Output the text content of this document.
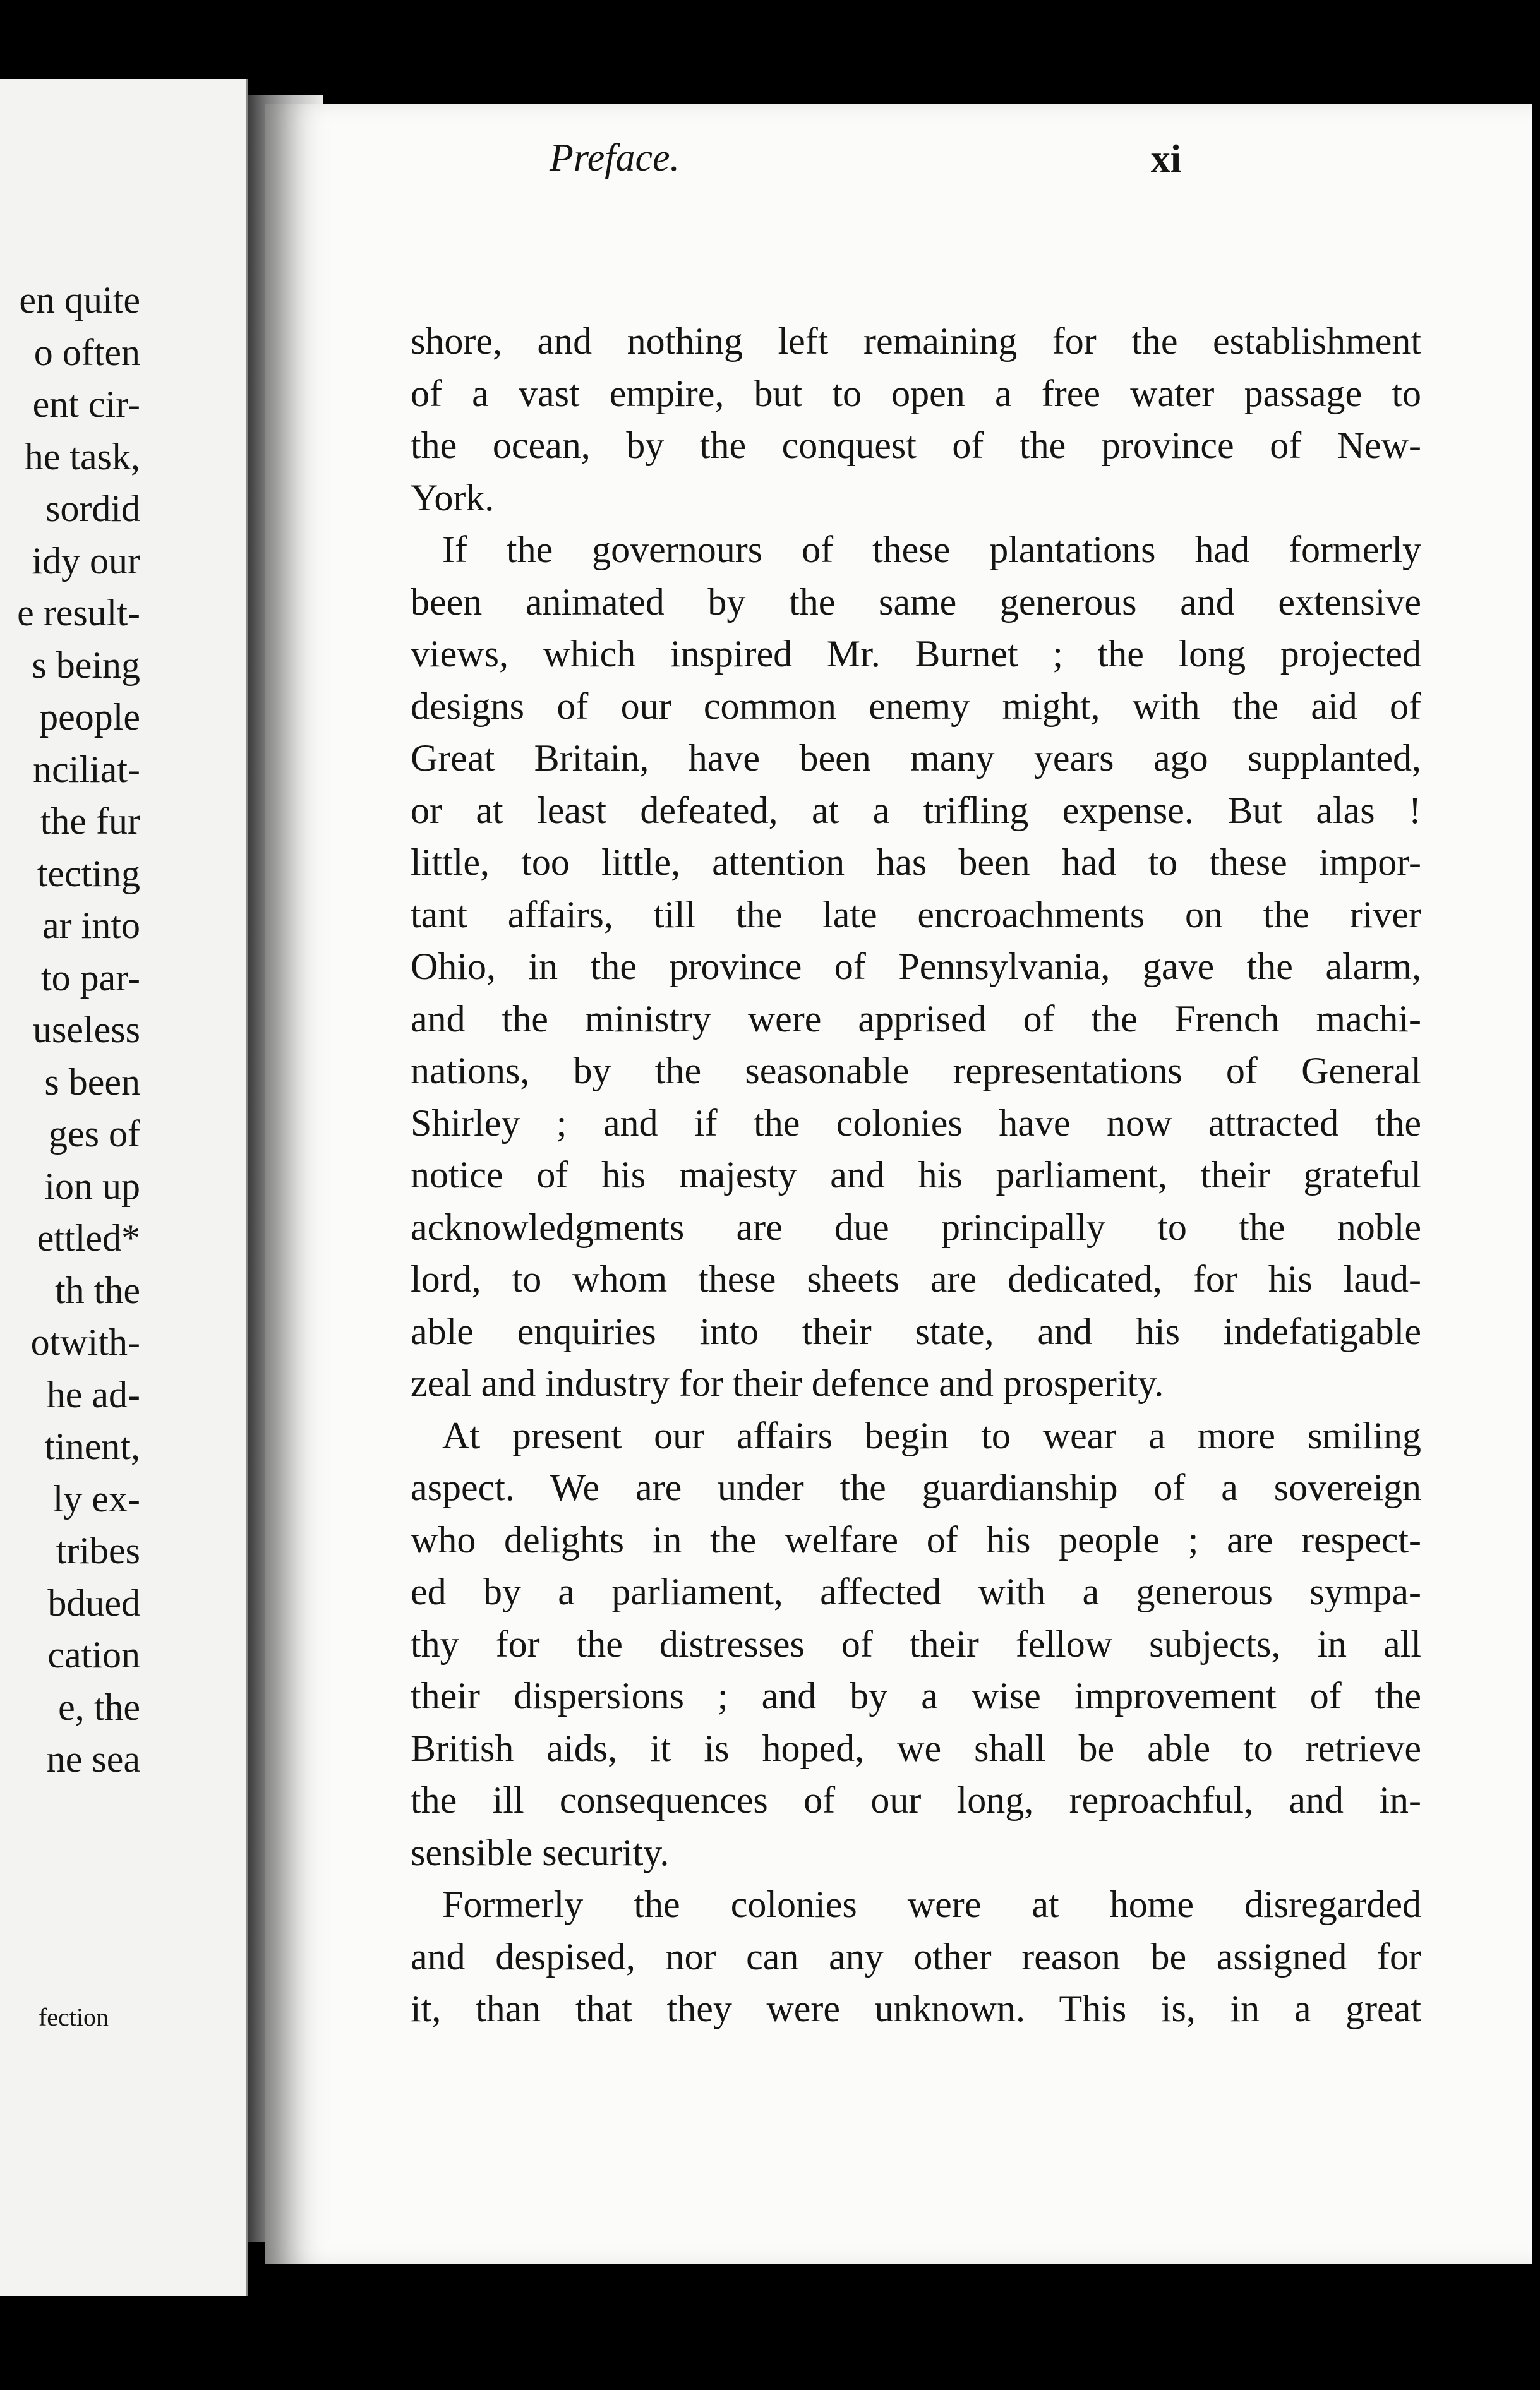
en quite
o often
ent cir-
he task,
sordid
idy our
e result-
s being
people
nciliat-
the fur
tecting
ar into
to par-
useless
s been
ges of
ion up
ettled*
th the
otwith-
he ad-
tinent,
ly ex-
tribes
bdued
cation
e, the
ne sea
fection
Preface.	xi
shore, and nothing left remaining for the establishment
of a vast empire, but to open a free water passage to
the ocean, by the conquest of the province of New-
York.
If the governours of these plantations had formerly
been animated by the same generous and extensive
views, which inspired Mr. Burnet ; the long projected
designs of our common enemy might, with the aid of
Great Britain, have been many years ago supplanted,
or at least defeated, at a trifling expense. But alas !
little, too little, attention has been had to these impor-
tant affairs, till the late encroachments on the river
Ohio, in the province of Pennsylvania, gave the alarm,
and the ministry were apprised of the French machi-
nations, by the seasonable representations of General
Shirley ; and if the colonies have now attracted the
notice of his majesty and his parliament, their grateful
acknowledgments are due principally to the noble
lord, to whom these sheets are dedicated, for his laud-
able enquiries into their state, and his indefatigable
zeal and industry for their defence and prosperity.
At present our affairs begin to wear a more smiling
aspect. We are under the guardianship of a sovereign
who delights in the welfare of his people ; are respect-
ed by a parliament, affected with a generous sympa-
thy for the distresses of their fellow subjects, in all
their dispersions ; and by a wise improvement of the
British aids, it is hoped, we shall be able to retrieve
the ill consequences of our long, reproachful, and in-
sensible security.
Formerly the colonies were at home disregarded
and despised, nor can any other reason be assigned for
it, than that they were unknown. This is, in a great
